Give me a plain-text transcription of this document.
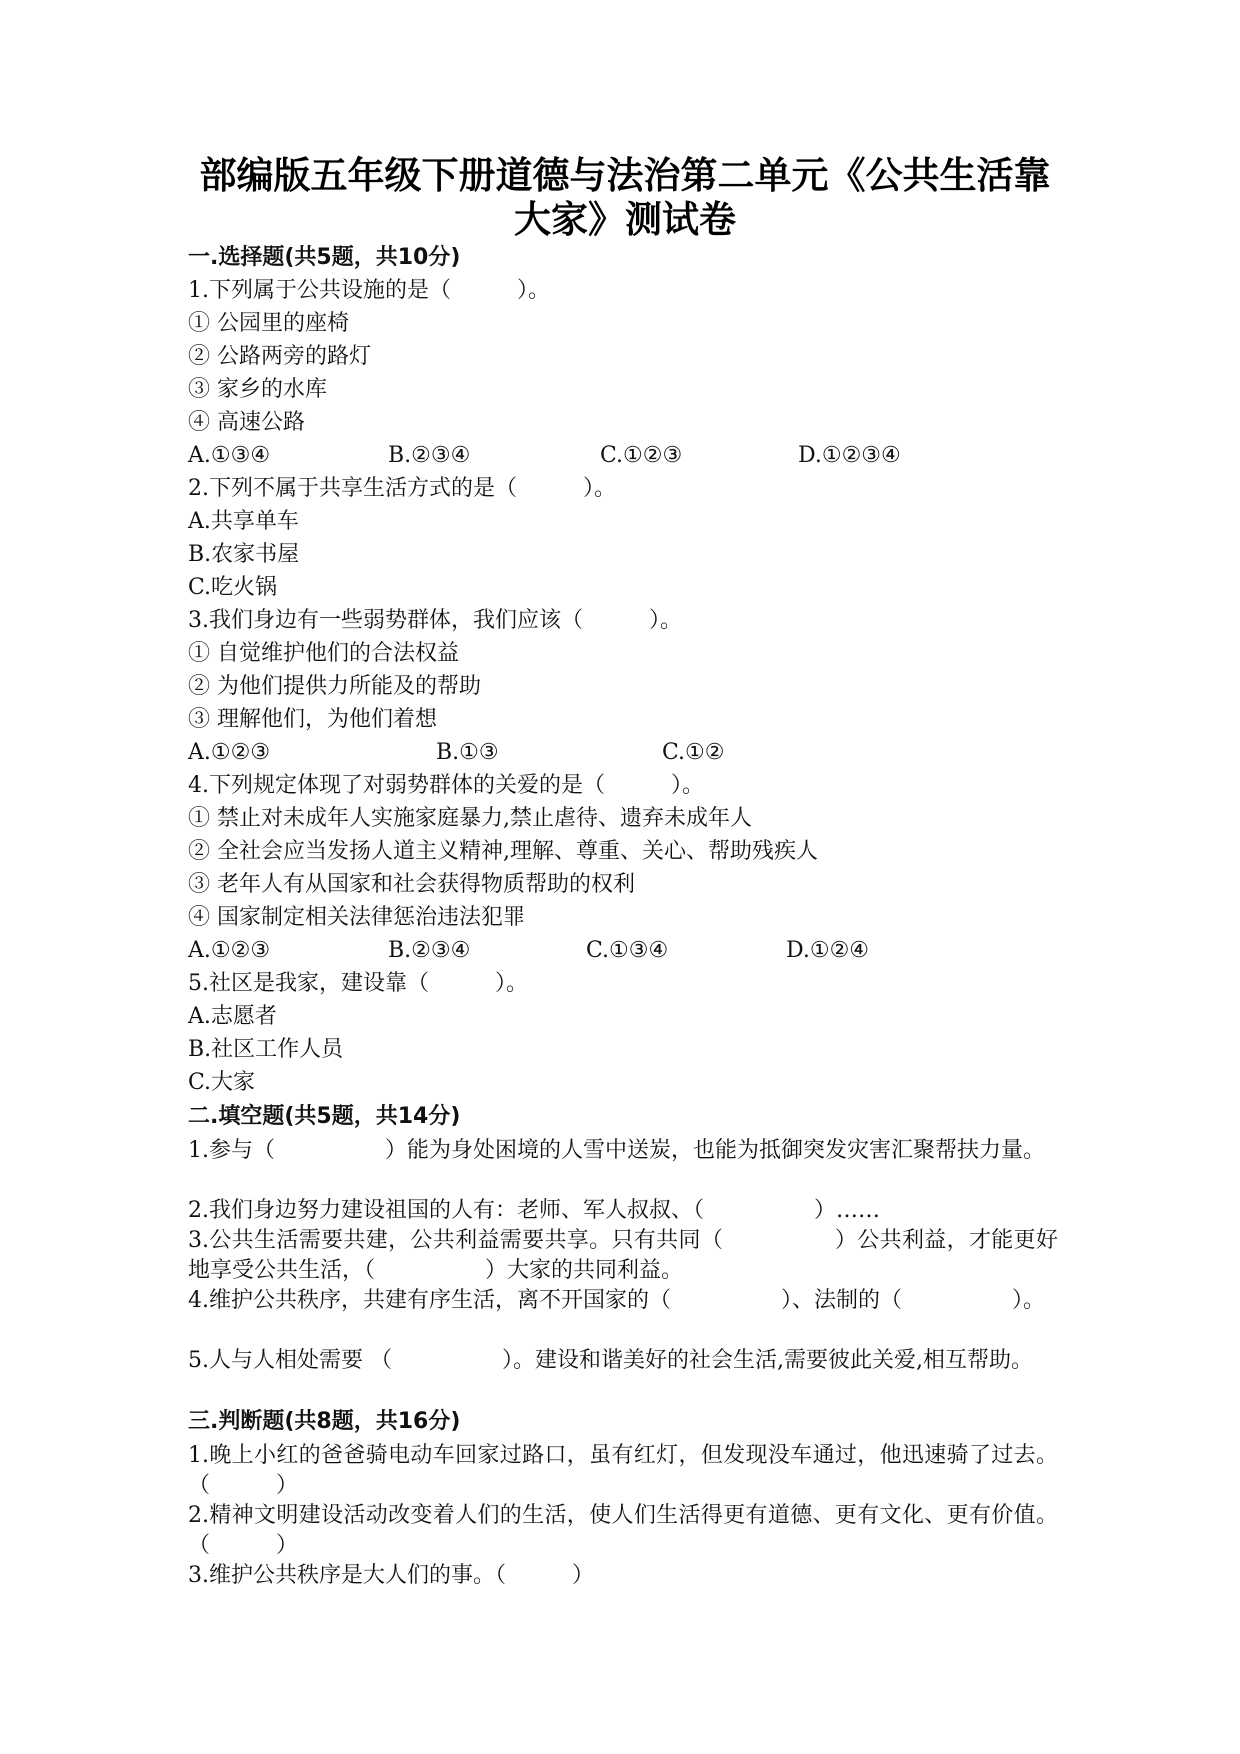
部编版五年级下册道德与法治第二单元《公共生活靠
大家》测试卷
一.选择题(共5题，共10分)
1.下列属于公共设施的是（　　　）。
① 公园里的座椅
② 公路两旁的路灯
③ 家乡的水库
④ 高速公路
A.①③④	B.②③④	C.①②③	D.①②③④
2.下列不属于共享生活方式的是（　　　）。
A.共享单车
B.农家书屋
C.吃火锅
3.我们身边有一些弱势群体，我们应该（　　　）。
① 自觉维护他们的合法权益
② 为他们提供力所能及的帮助
③ 理解他们，为他们着想
A.①②③	B.①③	C.①②
4.下列规定体现了对弱势群体的关爱的是（　　　）。
① 禁止对未成年人实施家庭暴力,禁止虐待、遗弃未成年人
② 全社会应当发扬人道主义精神,理解、尊重、关心、帮助残疾人
③ 老年人有从国家和社会获得物质帮助的权利
④ 国家制定相关法律惩治违法犯罪
A.①②③	B.②③④	C.①③④	D.①②④
5.社区是我家，建设靠（　　　）。
A.志愿者
B.社区工作人员
C.大家
二.填空题(共5题，共14分)
1.参与（　　　　　）能为身处困境的人雪中送炭，也能为抵御突发灾害汇聚帮扶力量。
2.我们身边努力建设祖国的人有：老师、军人叔叔、（　　　　　）……
3.公共生活需要共建，公共利益需要共享。只有共同（　　　　　）公共利益，才能更好地享受公共生活，（　　　　　）大家的共同利益。
4.维护公共秩序，共建有序生活，离不开国家的（　　　　　）、法制的（　　　　　）。
5.人与人相处需要 （　　　　　）。建设和谐美好的社会生活,需要彼此关爱,相互帮助。
三.判断题(共8题，共16分)
1.晚上小红的爸爸骑电动车回家过路口，虽有红灯，但发现没车通过，他迅速骑了过去。（　　　）
2.精神文明建设活动改变着人们的生活，使人们生活得更有道德、更有文化、更有价值。（　　　）
3.维护公共秩序是大人们的事。（　　　）
